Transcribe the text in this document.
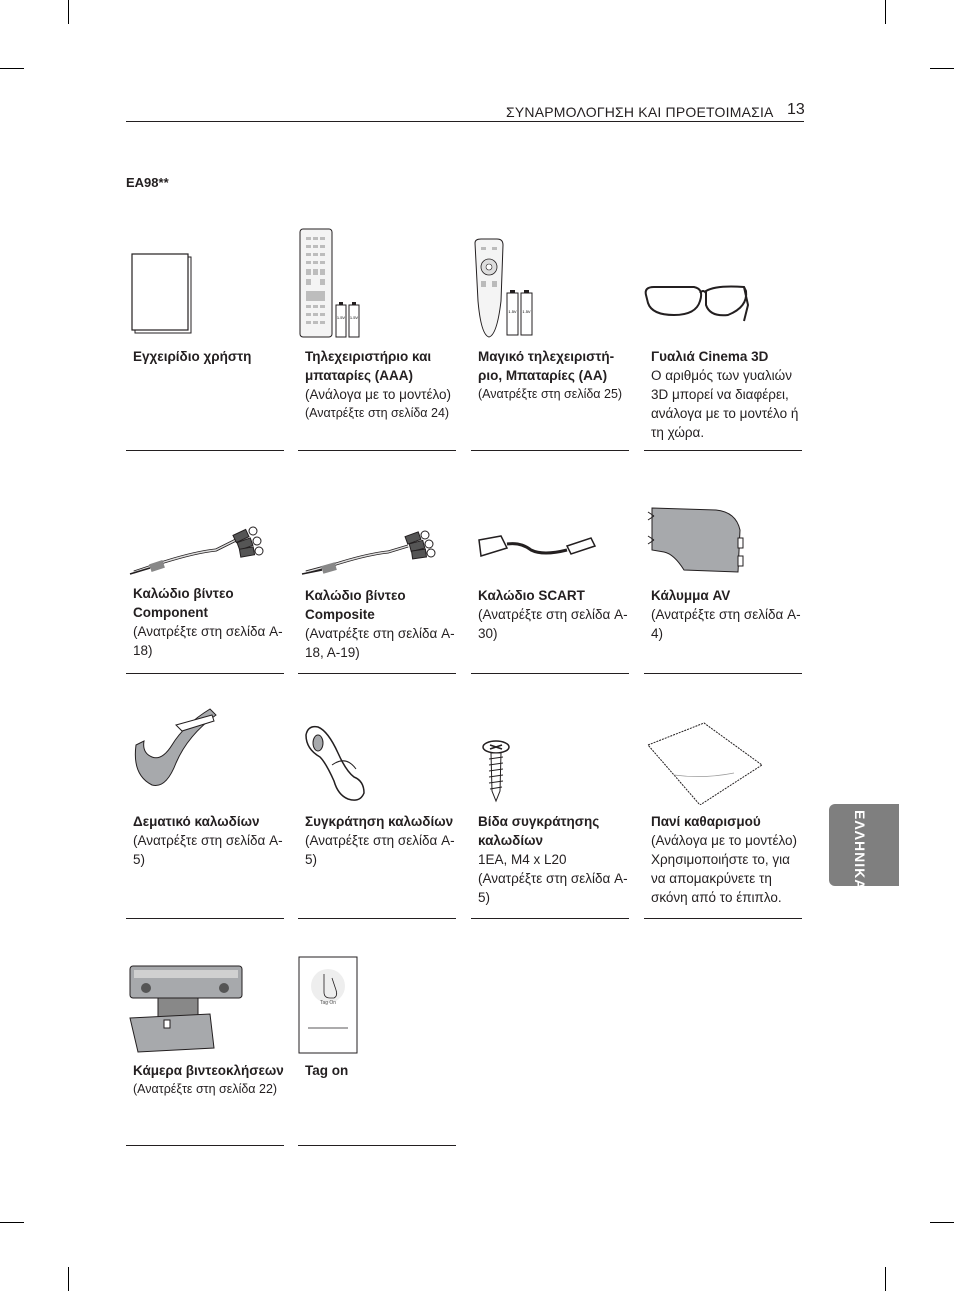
ΣΥΝΑΡΜΟΛΟΓΗΣΗ ΚΑΙ ΠΡΟΕΤΟΙΜΑΣΙΑ 13
EA98**
ΕΛΛΗΝΙΚΑ
Εγχειρίδιο χρήστη
1.5V 1.5V
Τηλεχειριστήριο και μπαταρίες (AAA)
(Ανάλογα με το μοντέλο)
(Ανατρέξτε στη σελίδα 24)
1.5V 1.5V
Μαγικό τηλεχειριστή-ριο, Μπαταρίες (AA)
(Ανατρέξτε στη σελίδα 25)
Γυαλιά Cinema 3D
Ο αριθμός των γυαλιών 3D μπορεί να διαφέρει, ανάλογα με το μοντέλο ή τη χώρα.
Καλώδιο βίντεο Component
(Ανατρέξτε στη σελίδα A-18)
Καλώδιο βίντεο Composite
(Ανατρέξτε στη σελίδα A-18, A-19)
Καλώδιο SCART
(Ανατρέξτε στη σελίδα A-30)
Κάλυμμα AV
(Ανατρέξτε στη σελίδα A-4)
Δεματικό καλωδίων
(Ανατρέξτε στη σελίδα A-5)
Συγκράτηση καλωδίων
(Ανατρέξτε στη σελίδα A-5)
Βίδα συγκράτησης καλωδίων
1EA, M4 x L20
(Ανατρέξτε στη σελίδα A-5)
Πανί καθαρισμού
(Ανάλογα με το μοντέλο)
Χρησιμοποιήστε το, για να απομακρύνετε τη σκόνη από το έπιπλο.
Κάμερα βιντεοκλήσεων
(Ανατρέξτε στη σελίδα 22)
Tag On
Tag on
